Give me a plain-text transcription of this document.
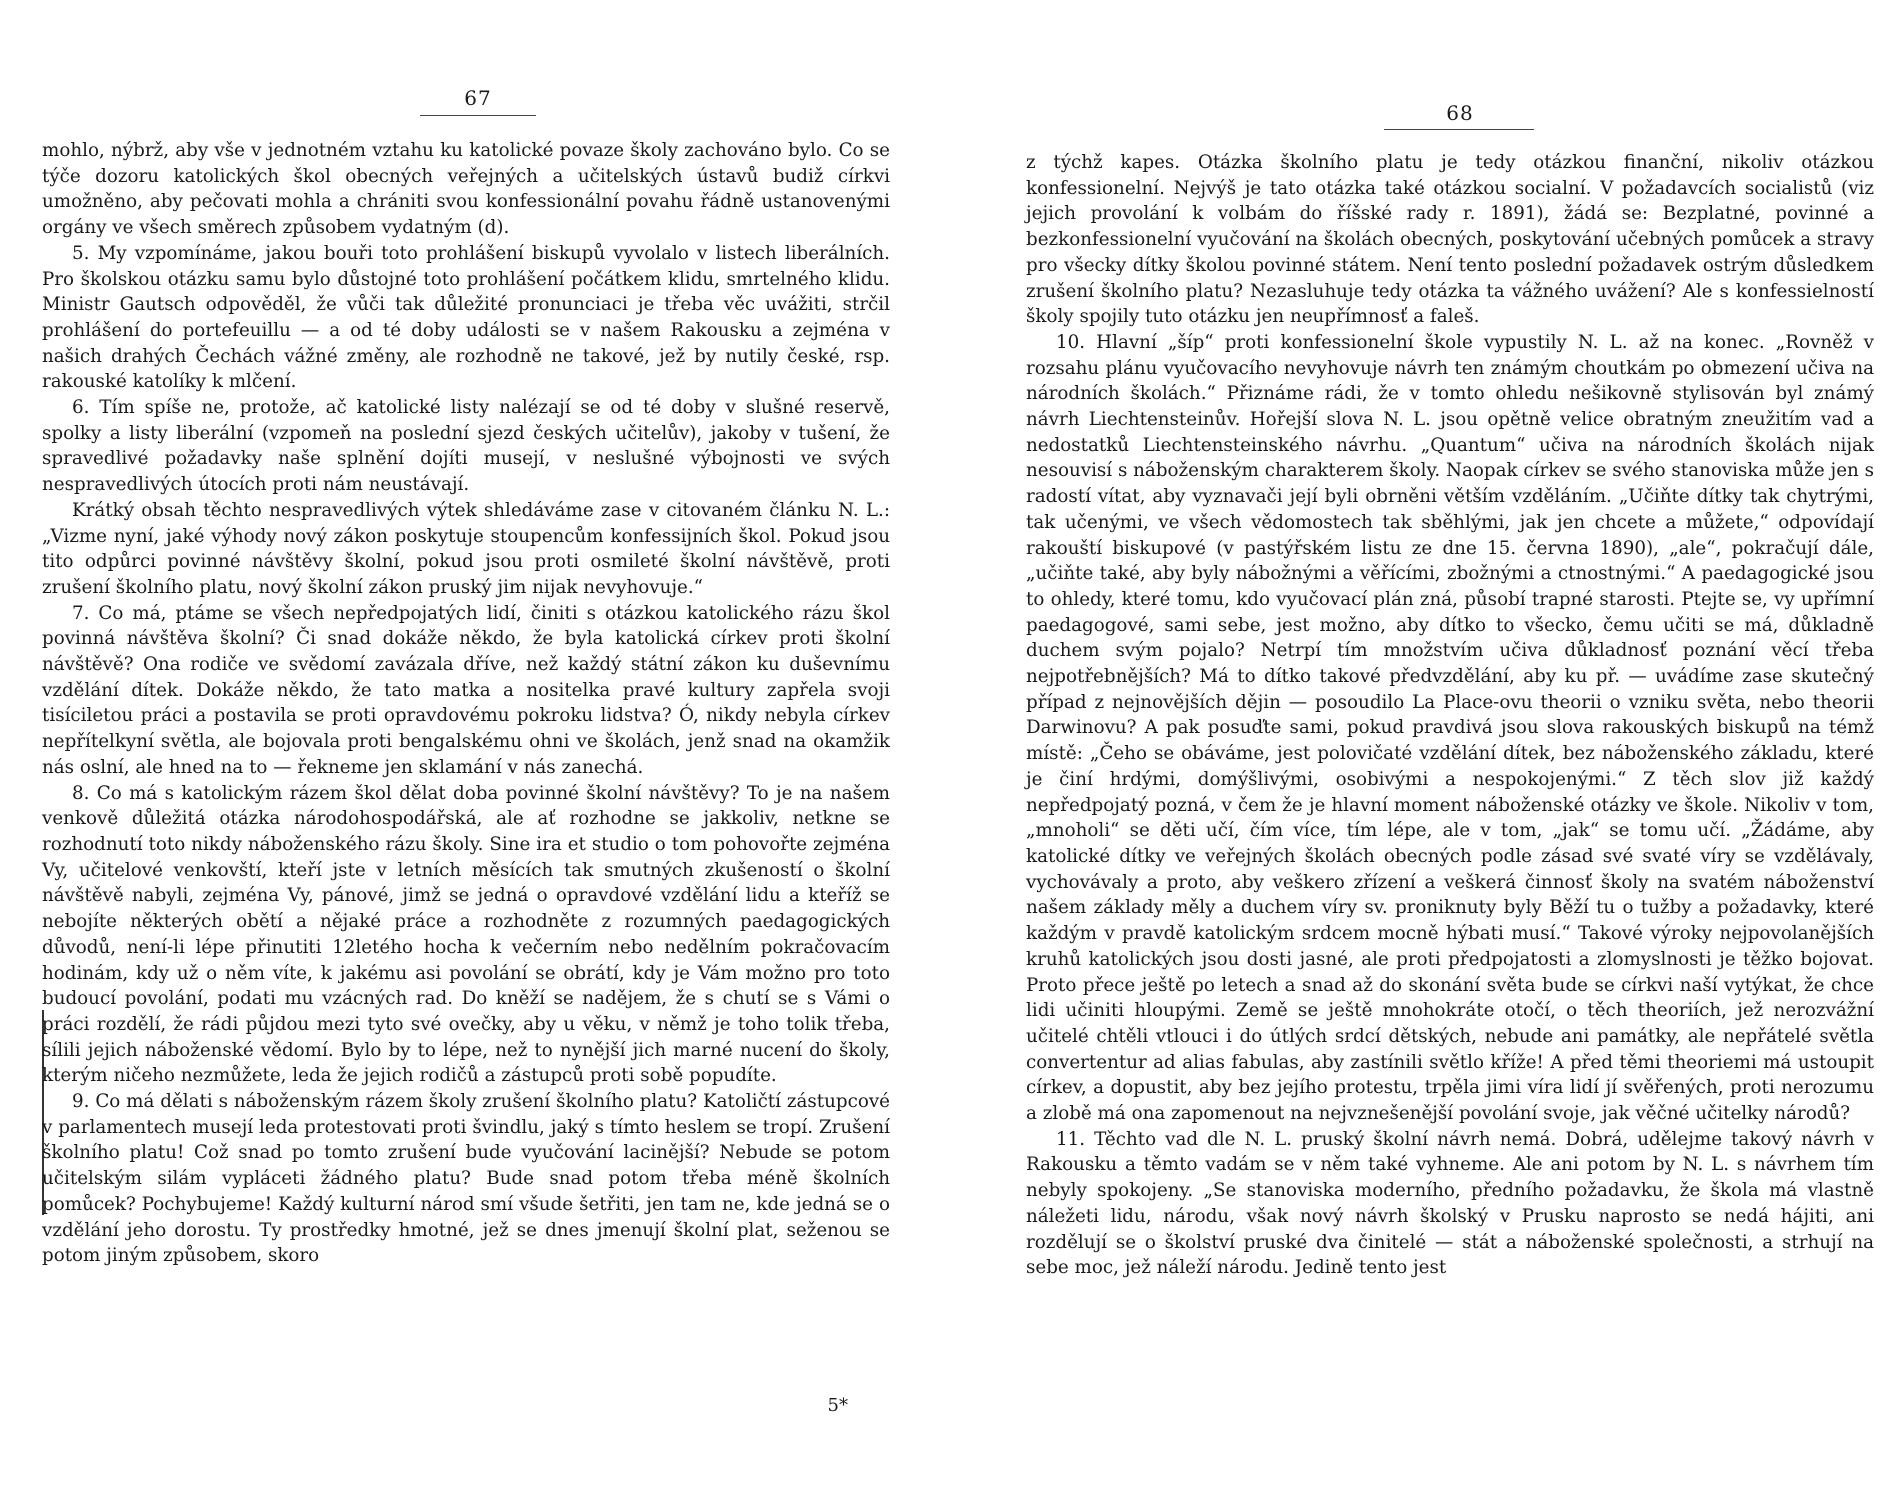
67

mohlo, nýbrž, aby vše v jednotném vztahu ku katolické povaze školy zachováno bylo. Co se týče dozoru katolických škol obecných veřejných a učitelských ústavů budiž církvi umožněno, aby pečovati mohla a chrániti svou konfessionální povahu řádně ustanovenými orgány ve všech směrech způsobem vydatným (d).

5. My vzpomínáme, jakou bouři toto prohlášení biskupů vyvolalo v listech liberálních. Pro školskou otázku samu bylo důstojné toto prohlášení počátkem klidu, smrtelného klidu. Ministr Gautsch odpověděl, že vůči tak důležité pronunciaci je třeba věc uvážiti, strčil prohlášení do portefeuillu — a od té doby události se v našem Rakousku a zejména v našich drahých Čechách vážné změny, ale rozhodně ne takové, jež by nutily české, rsp. rakouské katolíky k mlčení.

6. Tím spíše ne, protože, ač katolické listy nalézají se od té doby v slušné reservě, spolky a listy liberální (vzpomeň na poslední sjezd českých učitelův), jakoby v tušení, že spravedlivé požadavky naše splnění dojíti musejí, v neslušné výbojnosti ve svých nespravedlivých útocích proti nám neustávají.

Krátký obsah těchto nespravedlivých výtek shledáváme zase v citovaném článku N. L.: „Vizme nyní, jaké výhody nový zákon poskytuje stoupencům konfessijních škol. Pokud jsou tito odpůrci povinné návštěvy školní, pokud jsou proti osmileté školní návštěvě, proti zrušení školního platu, nový školní zákon pruský jim nijak nevyhovuje.“

7. Co má, ptáme se všech nepředpojatých lidí, činiti s otázkou katolického rázu škol povinná návštěva školní? Či snad dokáže někdo, že byla katolická církev proti školní návštěvě? Ona rodiče ve svědomí zavázala dříve, než každý státní zákon ku duševnímu vzdělání dítek. Dokáže někdo, že tato matka a nositelka pravé kultury zapřela svoji tisíciletou práci a postavila se proti opravdovému pokroku lidstva? Ó, nikdy nebyla církev nepřítelkyní světla, ale bojovala proti bengalskému ohni ve školách, jenž snad na okamžik nás oslní, ale hned na to — řekneme jen sklamání v nás zanechá.

8. Co má s katolickým rázem škol dělat doba povinné školní návštěvy? To je na našem venkově důležitá otázka národohospodářská, ale ať rozhodne se jakkoliv, netkne se rozhodnutí toto nikdy náboženského rázu školy. Sine ira et studio o tom pohovořte zejména Vy, učitelové venkovští, kteří jste v letních měsících tak smutných zkušeností o školní návštěvě nabyli, zejména Vy, pánové, jimž se jedná o opravdové vzdělání lidu a kteříž se nebojíte některých obětí a nějaké práce a rozhodněte z rozumných paedagogických důvodů, není-li lépe přinutiti 12letého hocha k večerním nebo nedělním pokračovacím hodinám, kdy už o něm víte, k jakému asi povolání se obrátí, kdy je Vám možno pro toto budoucí povolání, podati mu vzácných rad. Do kněží se nadějem, že s chutí se s Vámi o práci rozdělí, že rádi půjdou mezi tyto své ovečky, aby u věku, v němž je toho tolik třeba, sílili jejich náboženské vědomí. Bylo by to lépe, než to nynější jich marné nucení do školy, kterým ničeho nezmůžete, leda že jejich rodičů a zástupců proti sobě popudíte.

9. Co má dělati s náboženským rázem školy zrušení školního platu? Katoličtí zástupcové v parlamentech musejí leda protestovati proti švindlu, jaký s tímto heslem se tropí. Zrušení školního platu! Což snad po tomto zrušení bude vyučování lacinější? Nebude se potom učitelským silám vypláceti žádného platu? Bude snad potom třeba méně školních pomůcek? Pochybujeme! Každý kulturní národ smí všude šetřiti, jen tam ne, kde jedná se o vzdělání jeho dorostu. Ty prostředky hmotné, jež se dnes jmenují školní plat, seženou se potom jiným způsobem, skoro

5*
68

z týchž kapes. Otázka školního platu je tedy otázkou finanční, nikoliv otázkou konfessionelní. Nejvýš je tato otázka také otázkou socialní. V požadavcích socialistů (viz jejich provolání k volbám do říšské rady r. 1891), žádá se: Bezplatné, povinné a bezkonfessionelní vyučování na školách obecných, poskytování učebných pomůcek a stravy pro všecky dítky školou povinné státem. Není tento poslední požadavek ostrým důsledkem zrušení školního platu? Nezasluhuje tedy otázka ta vážného uvážení? Ale s konfessielností školy spojily tuto otázku jen neupřímnosť a faleš.

10. Hlavní „šíp“ proti konfessionelní škole vypustily N. L. až na konec. „Rovněž v rozsahu plánu vyučovacího nevyhovuje návrh ten známým choutkám po obmezení učiva na národních školách.“ Přiznáme rádi, že v tomto ohledu nešikovně stylisován byl známý návrh Liechtensteinův. Hořejší slova N. L. jsou opětně velice obratným zneužitím vad a nedostatků Liechtensteinského návrhu. „Quantum“ učiva na národních školách nijak nesouvisí s náboženským charakterem školy. Naopak církev se svého stanoviska může jen s radostí vítat, aby vyznavači její byli obrněni větším vzděláním. „Učiňte dítky tak chytrými, tak učenými, ve všech vědomostech tak sběhlými, jak jen chcete a můžete,“ odpovídají rakouští biskupové (v pastýřském listu ze dne 15. června 1890), „ale“, pokračují dále, „učiňte také, aby byly nábožnými a věřícími, zbožnými a ctnostnými.“ A paedagogické jsou to ohledy, které tomu, kdo vyučovací plán zná, působí trapné starosti. Ptejte se, vy upřímní paedagogové, sami sebe, jest možno, aby dítko to všecko, čemu učiti se má, důkladně duchem svým pojalo? Netrpí tím množstvím učiva důkladnosť poznání věcí třeba nejpotřebnějších? Má to dítko takové předvzdělání, aby ku př. — uvádíme zase skutečný případ z nejnovějších dějin — posoudilo La Place-ovu theorii o vzniku světa, nebo theorii Darwinovu? A pak posuďte sami, pokud pravdivá jsou slova rakouských biskupů na témž místě: „Čeho se obáváme, jest polovičaté vzdělání dítek, bez náboženského základu, které je činí hrdými, domýšlivými, osobivými a nespokojenými.“ Z těch slov již každý nepředpojatý pozná, v čem že je hlavní moment náboženské otázky ve škole. Nikoliv v tom, „mnoholi“ se děti učí, čím více, tím lépe, ale v tom, „jak“ se tomu učí. „Žádáme, aby katolické dítky ve veřejných školách obecných podle zásad své svaté víry se vzdělávaly, vychovávaly a proto, aby veškero zřízení a veškerá činnosť školy na svatém náboženství našem základy měly a duchem víry sv. proniknuty byly Běží tu o tužby a požadavky, které každým v pravdě katolickým srdcem mocně hýbati musí.“ Takové výroky nejpovolanějších kruhů katolických jsou dosti jasné, ale proti předpojatosti a zlomyslnosti je těžko bojovat. Proto přece ještě po letech a snad až do skonání světa bude se církvi naší vytýkat, že chce lidi učiniti hloupými. Země se ještě mnohokráte otočí, o těch theoriích, jež nerozvážní učitelé chtěli vtlouci i do útlých srdcí dětských, nebude ani památky, ale nepřátelé světla convertentur ad alias fabulas, aby zastínili světlo kříže! A před těmi theoriemi má ustoupit církev, a dopustit, aby bez jejího protestu, trpěla jimi víra lidí jí svěřených, proti nerozumu a zlobě má ona zapomenout na nejvznešenější povolání svoje, jak věčné učitelky národů?

11. Těchto vad dle N. L. pruský školní návrh nemá. Dobrá, udělejme takový návrh v Rakousku a těmto vadám se v něm také vyhneme. Ale ani potom by N. L. s návrhem tím nebyly spokojeny. „Se stanoviska moderního, předního požadavku, že škola má vlastně náležeti lidu, národu, však nový návrh školský v Prusku naprosto se nedá hájiti, ani rozdělují se o školství pruské dva činitelé — stát a náboženské společnosti, a strhují na sebe moc, jež náleží národu. Jedině tento jest
